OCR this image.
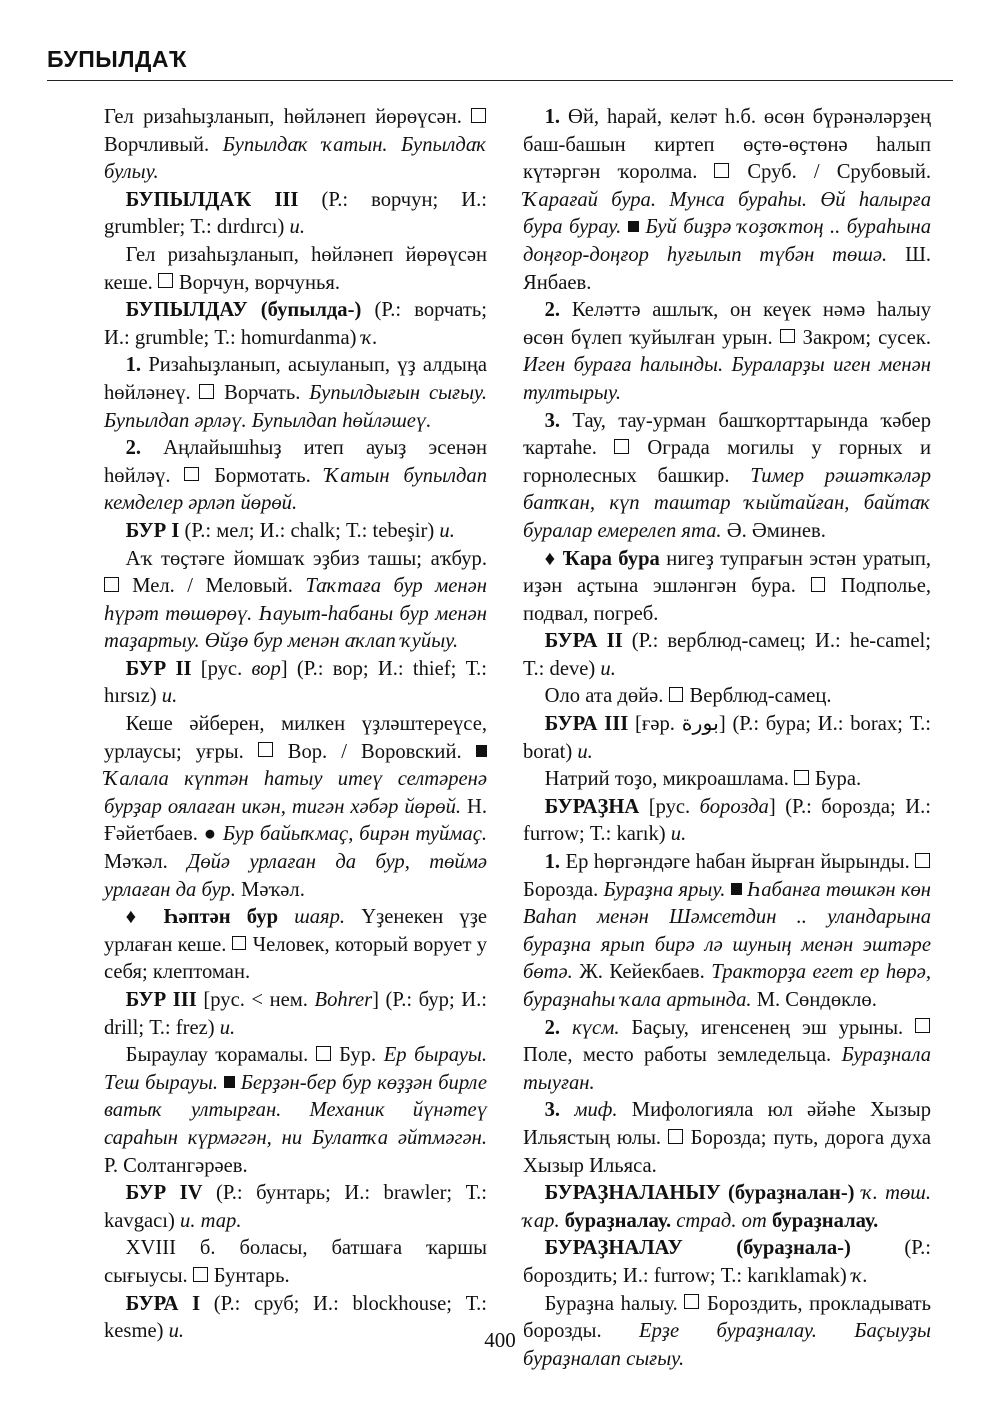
БУПЫЛДАҠ

Гел ризаһыҙланып, һөйләнеп йөрөүсән.  Ворчливый. Бупылдаҡ ҡатын. Бупылдаҡ булыу.

БУПЫЛДАҠ III (Р.: ворчун; И.: grumbler; Т.: dırdırcı) и.

Гел ризаһыҙланып, һөйләнеп йөрөүсән кеше.  Ворчун, ворчунья.

БУПЫЛДАУ (бупылда-) (Р.: ворчать; И.: grumble; Т.: homurdanma) ҡ.

1. Ризаһыҙланып, асыуланып, үҙ алдыңа һөйләнеү.  Ворчать. Бупылдығын сығыу. Бупылдап әрләү. Бупылдап һөйләшеү.

2. Аңлайышһыҙ итеп ауыҙ эсенән һөйләү.  Бормотать. Ҡатын бупылдап кемделер әрләп йөрөй.

БУР I (Р.: мел; И.: chalk; Т.: tebeşir) и.

Аҡ төҫтәге йомшаҡ эҙбиз ташы; аҡбур.  Мел. / Меловый. Таҡтаға бур менән һүрәт төшөрөү. Һауыт-һабаны бур менән таҙартыу. Өйҙө бур менән аҡлап ҡуйыу.

БУР II [рус. вор] (Р.: вор; И.: thief; Т.: hırsız) и.

Кеше әйберен, милкен үҙләштереүсе, урлаусы; уғры.  Вор. / Воровский.  Ҡалала күптән һатыу итеү селтәренә бурҙар оялаған икән, тигән хәбәр йөрөй. Н. Ғәйетбаев. ● Бур байыҡмаҫ, бирән туймаҫ. Мәҡәл. Дөйә урлаған да бур, төймә урлаған да бур. Мәҡәл.

♦ Һәптән бур шаяр. Үҙенекен үҙе урлаған кеше.  Человек, который ворует у себя; клептоман.

БУР III [рус. < нем. Bohrer] (Р.: бур; И.: drill; Т.: frez) и.

Быраулау ҡорамалы.  Бур. Ер бырауы. Теш бырауы. Берҙән-бер бур көҙҙән бирле ватыҡ ултырған. Механик йүнәтеү сараһын күрмәгән, ни Булатҡа әйтмәгән. Р. Солтангәрәев.

БУР IV (Р.: бунтарь; И.: brawler; Т.: kavgacı) и. тар.

XVIII б. боласы, батшаға ҡаршы сығыусы.  Бунтарь.

БУРА I (Р.: сруб; И.: blockhouse; Т.: kesme) и.

1. Өй, һарай, келәт һ.б. өсөн бүрәнәләрҙең баш-башын киртеп өҫтө-өҫтөнә һалып күтәргән ҡоролма.  Сруб. / Срубовый. Ҡарағай бура. Мунса бураһы. Өй һалырға бура бурау. Буй биҙрә ҡоҙоҡтоң .. бураһына доңғор-доңғор һуғылып түбән төшә. Ш. Янбаев.

2. Келәттә ашлыҡ, он кеүек нәмә һалыу өсөн бүлеп ҡуйылған урын.  Закром; сусек. Иген бураға һалынды. Бураларҙы иген менән тултырыу.

3. Тау, тау-урман башҡорттарында ҡәбер ҡартаһе.  Ограда могилы у горных и горнолесных башкир. Тимер рәшәткәләр батҡан, күп таштар ҡыйтайған, байтаҡ буралар емерелеп ята. Ә. Әминев.

♦ Ҡара бура нигеҙ тупрағын эстән уратып, иҙән аҫтына эшләнгән бура.  Подполье, подвал, погреб.

БУРА II (Р.: верблюд-самец; И.: he-camel; Т.: deve) и.

Оло ата дөйә.  Верблюд-самец.

БУРА III [ғәр. بورة] (Р.: бура; И.: borax; Т.: borat) и.

Натрий тоҙо, микроашлама.  Бура.

БУРАҘНА [рус. борозда] (Р.: борозда; И.: furrow; Т.: karık) и.

1. Ер һөргәндәге һабан йырған йырынды.  Борозда. Бураҙна ярыу. Һабанға төшкән көн Ваһап менән Шәмсетдин .. уландарына бураҙна ярып бирә лә шуның менән эштәре бөтә. Ж. Кейекбаев. Тракторҙа егет ер һөрә, бураҙнаһы ҡала артында. М. Сөндөклө.

2. күсм. Баҫыу, игенсенең эш урыны.  Поле, место работы земледельца. Бураҙнала тыуған.

3. миф. Мифологияла юл әйәһе Хызыр Ильястың юлы.  Борозда; путь, дорога духа Хызыр Ильяса.

БУРАҘНАЛАНЫУ (бураҙналан-) ҡ. төш. ҡар. бураҙналау. страд. от бураҙналау.

БУРАҘНАЛАУ (бураҙнала-) (Р.: бороздить; И.: furrow; Т.: karıklamak) ҡ.

Бураҙна һалыу.  Бороздить, прокладывать борозды. Ерҙе бураҙналау. Баҫыуҙы бураҙналап сығыу.

400
